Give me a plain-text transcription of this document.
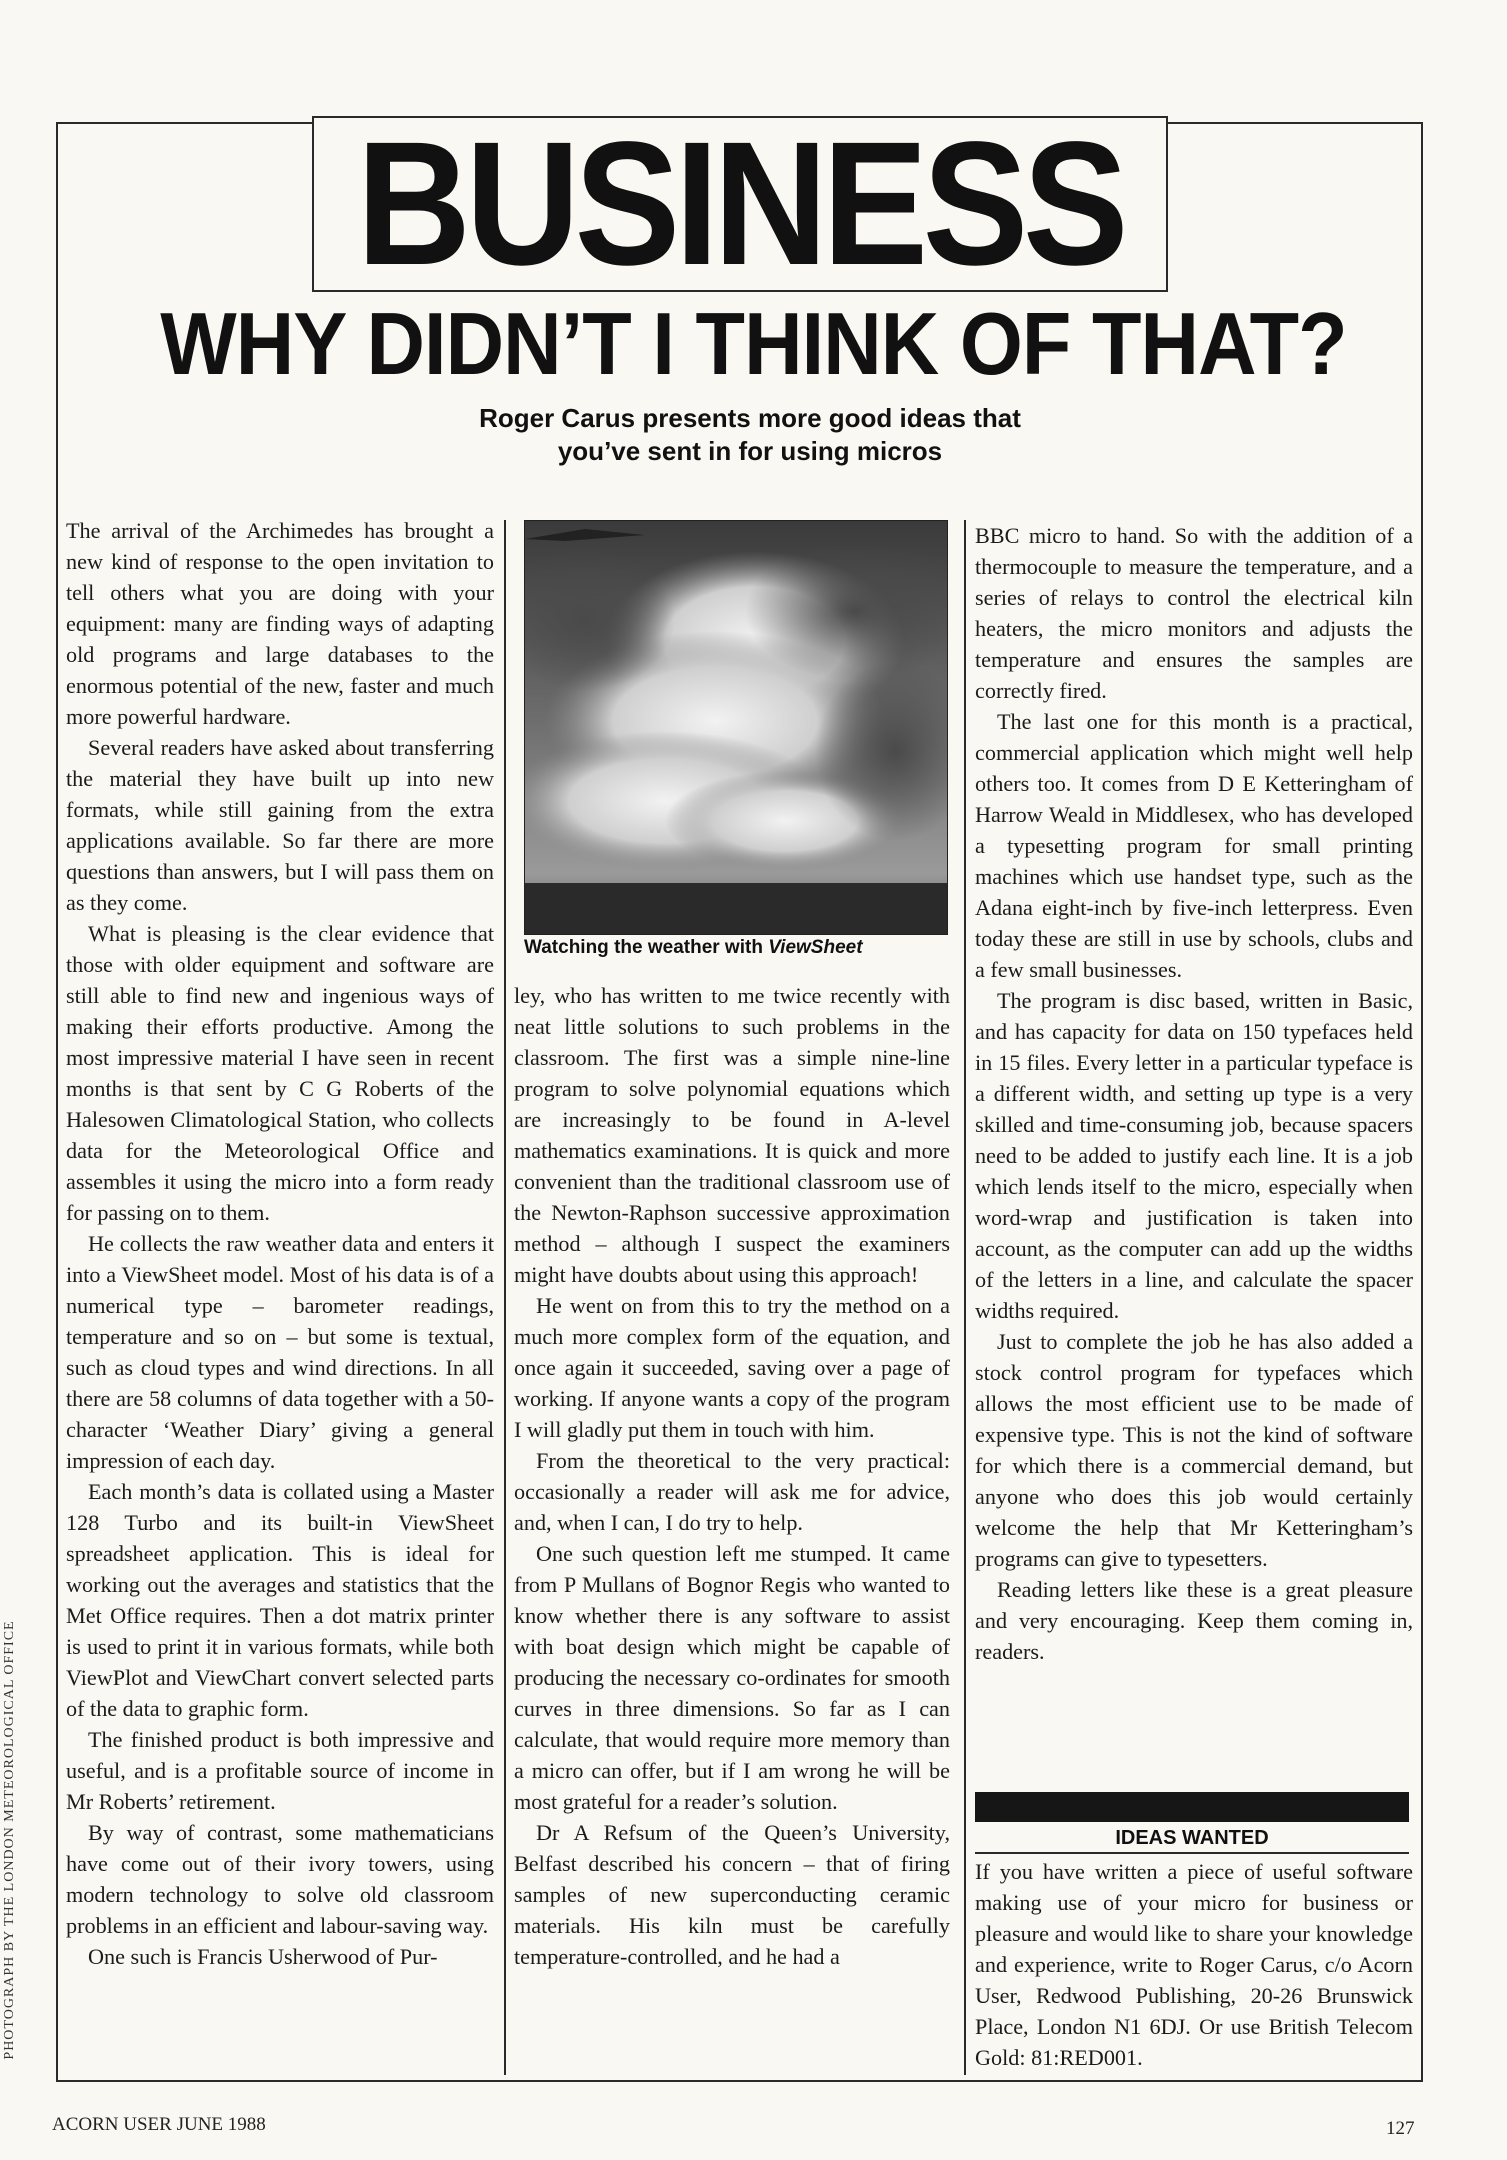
BUSINESS
WHY DIDN’T I THINK OF THAT?
Roger Carus presents more good ideas that you’ve sent in for using micros

The arrival of the Archimedes has brought a new kind of response to the open invitation to tell others what you are doing with your equipment: many are finding ways of adapting old programs and large databases to the enormous potential of the new, faster and much more powerful hardware.

Several readers have asked about transferring the material they have built up into new formats, while still gaining from the extra applications available. So far there are more questions than answers, but I will pass them on as they come.

What is pleasing is the clear evidence that those with older equipment and software are still able to find new and ingenious ways of making their efforts productive. Among the most impressive material I have seen in recent months is that sent by C G Roberts of the Halesowen Climatological Station, who collects data for the Meteorological Office and assembles it using the micro into a form ready for passing on to them.

He collects the raw weather data and enters it into a ViewSheet model. Most of his data is of a numerical type – barometer readings, temperature and so on – but some is textual, such as cloud types and wind directions. In all there are 58 columns of data together with a 50-character ‘Weather Diary’ giving a general impression of each day.

Each month’s data is collated using a Master 128 Turbo and its built-in ViewSheet spreadsheet application. This is ideal for working out the averages and statistics that the Met Office requires. Then a dot matrix printer is used to print it in various formats, while both ViewPlot and ViewChart convert selected parts of the data to graphic form.

The finished product is both impressive and useful, and is a profitable source of income in Mr Roberts’ retirement.

By way of contrast, some mathematicians have come out of their ivory towers, using modern technology to solve old classroom problems in an efficient and labour-saving way.

One such is Francis Usherwood of Pur-

Watching the weather with ViewSheet

ley, who has written to me twice recently with neat little solutions to such problems in the classroom. The first was a simple nine-line program to solve polynomial equations which are increasingly to be found in A-level mathematics examinations. It is quick and more convenient than the traditional classroom use of the Newton-Raphson successive approximation method – although I suspect the examiners might have doubts about using this approach!

He went on from this to try the method on a much more complex form of the equation, and once again it succeeded, saving over a page of working. If anyone wants a copy of the program I will gladly put them in touch with him.

From the theoretical to the very practical: occasionally a reader will ask me for advice, and, when I can, I do try to help.

One such question left me stumped. It came from P Mullans of Bognor Regis who wanted to know whether there is any software to assist with boat design which might be capable of producing the necessary co-ordinates for smooth curves in three dimensions. So far as I can calculate, that would require more memory than a micro can offer, but if I am wrong he will be most grateful for a reader’s solution.

Dr A Refsum of the Queen’s University, Belfast described his concern – that of firing samples of new superconducting ceramic materials. His kiln must be carefully temperature-controlled, and he had a

BBC micro to hand. So with the addition of a thermocouple to measure the temperature, and a series of relays to control the electrical kiln heaters, the micro monitors and adjusts the temperature and ensures the samples are correctly fired.

The last one for this month is a practical, commercial application which might well help others too. It comes from D E Ketteringham of Harrow Weald in Middlesex, who has developed a typesetting program for small printing machines which use handset type, such as the Adana eight-inch by five-inch letterpress. Even today these are still in use by schools, clubs and a few small businesses.

The program is disc based, written in Basic, and has capacity for data on 150 typefaces held in 15 files. Every letter in a particular typeface is a different width, and setting up type is a very skilled and time-consuming job, because spacers need to be added to justify each line. It is a job which lends itself to the micro, especially when word-wrap and justification is taken into account, as the computer can add up the widths of the letters in a line, and calculate the spacer widths required.

Just to complete the job he has also added a stock control program for typefaces which allows the most efficient use to be made of expensive type. This is not the kind of software for which there is a commercial demand, but anyone who does this job would certainly welcome the help that Mr Ketteringham’s programs can give to typesetters.

Reading letters like these is a great pleasure and very encouraging. Keep them coming in, readers.

IDEAS WANTED

If you have written a piece of useful software making use of your micro for business or pleasure and would like to share your knowledge and experience, write to Roger Carus, c/o Acorn User, Redwood Publishing, 20-26 Brunswick Place, London N1 6DJ. Or use British Telecom Gold: 81:RED001.

PHOTOGRAPH BY THE LONDON METEOROLOGICAL OFFICE
ACORN USER JUNE 1988	127
